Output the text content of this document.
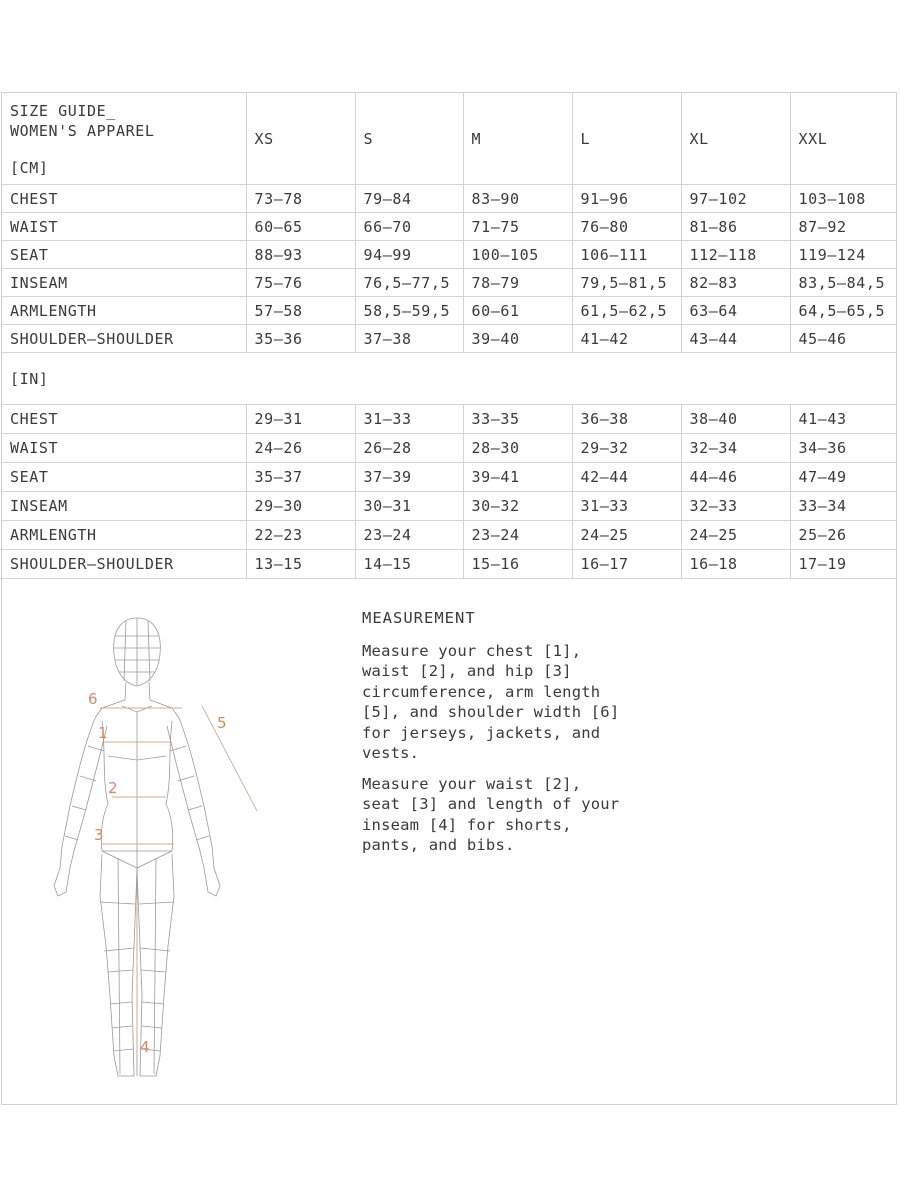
SIZE GUIDE_
WOMEN'S APPAREL
[CM]	XS	S	M	L	XL	XXL
CHEST	73–78	79–84	83–90	91–96	97–102	103–108
WAIST	60–65	66–70	71–75	76–80	81–86	87–92
SEAT	88–93	94–99	100–105	106–111	112–118	119–124
INSEAM	75–76	76,5–77,5	78–79	79,5–81,5	82–83	83,5–84,5
ARMLENGTH	57–58	58,5–59,5	60–61	61,5–62,5	63–64	64,5–65,5
SHOULDER–SHOULDER	35–36	37–38	39–40	41–42	43–44	45–46
[IN]						
CHEST	29–31	31–33	33–35	36–38	38–40	41–43
WAIST	24–26	26–28	28–30	29–32	32–34	34–36
SEAT	35–37	37–39	39–41	42–44	44–46	47–49
INSEAM	29–30	30–31	30–32	31–33	32–33	33–34
ARMLENGTH	22–23	23–24	23–24	24–25	24–25	25–26
SHOULDER–SHOULDER	13–15	14–15	15–16	16–17	16–18	17–19
6
1
2
3
4
5
MEASUREMENT

Measure your chest [1], waist [2], and hip [3] circumference, arm length [5], and shoulder width [6] for jerseys, jackets, and vests.

Measure your waist [2], seat [3] and length of your inseam [4] for shorts, pants, and bibs.
